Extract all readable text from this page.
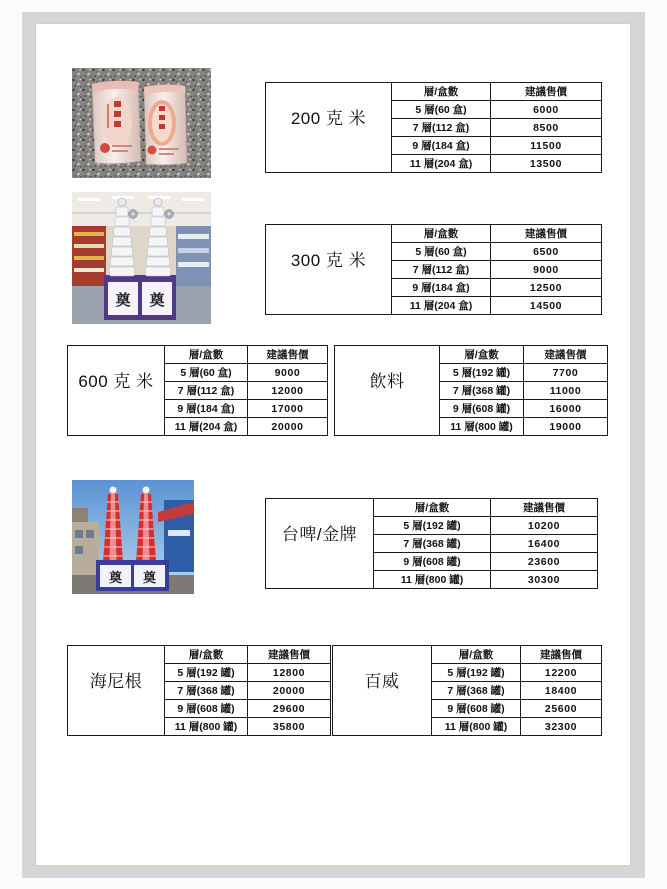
奠 奠
奠 奠
200 克 米	層/盒數	建議售價
	5 層(60 盒)	6000
	7 層(112 盒)	8500
	9 層(184 盒)	11500
	11 層(204 盒)	13500
300 克 米	層/盒數	建議售價
	5 層(60 盒)	6500
	7 層(112 盒)	9000
	9 層(184 盒)	12500
	11 層(204 盒)	14500
600 克 米	層/盒數	建議售價
	5 層(60 盒)	9000
	7 層(112 盒)	12000
	9 層(184 盒)	17000
	11 層(204 盒)	20000
飲料	層/盒數	建議售價
	5 層(192 罐)	7700
	7 層(368 罐)	11000
	9 層(608 罐)	16000
	11 層(800 罐)	19000
台啤/金牌	層/盒數	建議售價
	5 層(192 罐)	10200
	7 層(368 罐)	16400
	9 層(608 罐)	23600
	11 層(800 罐)	30300
海尼根	層/盒數	建議售價
	5 層(192 罐)	12800
	7 層(368 罐)	20000
	9 層(608 罐)	29600
	11 層(800 罐)	35800
百威	層/盒數	建議售價
	5 層(192 罐)	12200
	7 層(368 罐)	18400
	9 層(608 罐)	25600
	11 層(800 罐)	32300
